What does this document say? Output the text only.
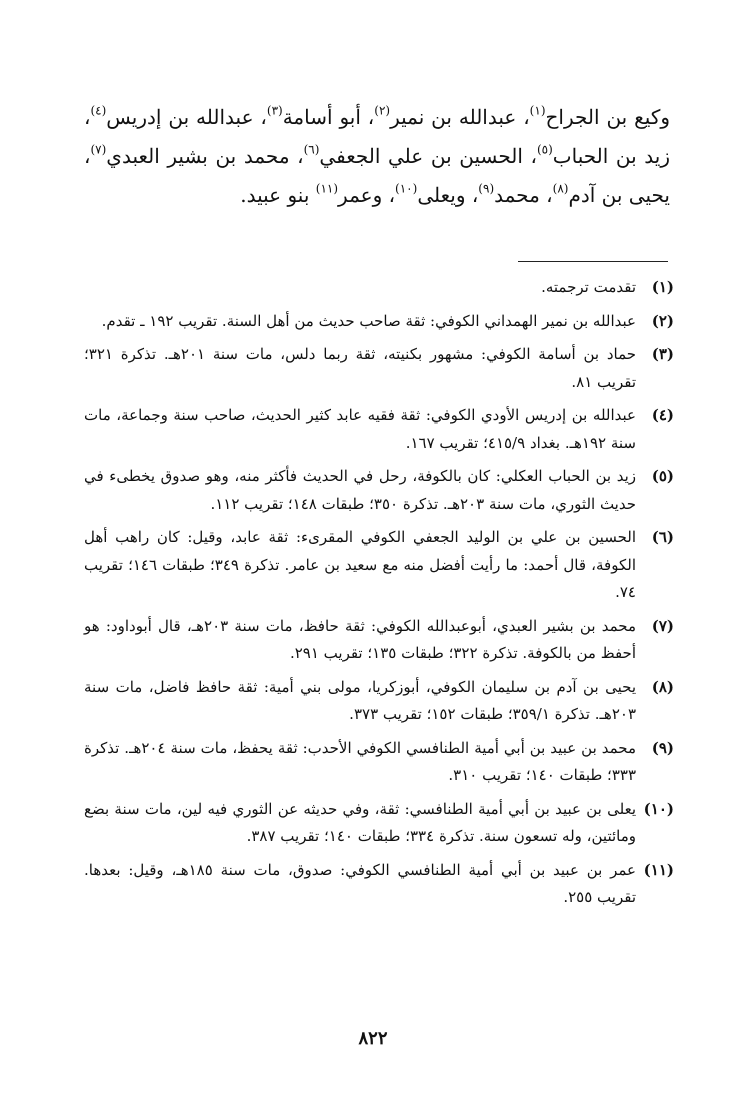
وكيع بن الجراح$^{(١)}$، عبدالله بن نمير$^{(٢)}$، أبو أسامة$^{(٣)}$، عبدالله بن إدريس$^{(٤)}$، زيد بن الحباب$^{(٥)}$، الحسين بن علي الجعفي$^{(٦)}$، محمد بن بشير العبدي$^{(٧)}$، يحيى بن آدم$^{(٨)}$، محمد$^{(٩)}$، ويعلى$^{(١٠)}$، وعمر$^{(١١)}$ بنو عبيد.
(١)
تقدمت ترجمته.
(٢)
عبدالله بن نمير الهمداني الكوفي: ثقة صاحب حديث من أهل السنة. تقريب ١٩٢ ـ تقدم.
(٣)
حماد بن أسامة الكوفي: مشهور بكنيته، ثقة ربما دلس، مات سنة ٢٠١هـ. تذكرة ٣٢١؛ تقريب ٨١.
(٤)
عبدالله بن إدريس الأودي الكوفي: ثقة فقيه عابد كثير الحديث، صاحب سنة وجماعة، مات سنة ١٩٢هـ. بغداد ٤١٥/٩؛ تقريب ١٦٧.
(٥)
زيد بن الحباب العكلي: كان بالكوفة، رحل في الحديث فأكثر منه، وهو صدوق يخطىء في حديث الثوري، مات سنة ٢٠٣هـ. تذكرة ٣٥٠؛ طبقات ١٤٨؛ تقريب ١١٢.
(٦)
الحسين بن علي بن الوليد الجعفي الكوفي المقرىء: ثقة عابد، وقيل: كان راهب أهل الكوفة، قال أحمد: ما رأيت أفضل منه مع سعيد بن عامر. تذكرة ٣٤٩؛ طبقات ١٤٦؛ تقريب ٧٤.
(٧)
محمد بن بشير العبدي، أبوعبدالله الكوفي: ثقة حافظ، مات سنة ٢٠٣هـ، قال أبوداود: هو أحفظ من بالكوفة. تذكرة ٣٢٢؛ طبقات ١٣٥؛ تقريب ٢٩١.
(٨)
يحيى بن آدم بن سليمان الكوفي، أبوزكريا، مولى بني أمية: ثقة حافظ فاضل، مات سنة ٢٠٣هـ. تذكرة ٣٥٩/١؛ طبقات ١٥٢؛ تقريب ٣٧٣.
(٩)
محمد بن عبيد بن أبي أمية الطنافسي الكوفي الأحدب: ثقة يحفظ، مات سنة ٢٠٤هـ. تذكرة ٣٣٣؛ طبقات ١٤٠؛ تقريب ٣١٠.
(١٠)
يعلى بن عبيد بن أبي أمية الطنافسي: ثقة، وفي حديثه عن الثوري فيه لين، مات سنة بضع ومائتين، وله تسعون سنة. تذكرة ٣٣٤؛ طبقات ١٤٠؛ تقريب ٣٨٧.
(١١)
عمر بن عبيد بن أبي أمية الطنافسي الكوفي: صدوق، مات سنة ١٨٥هـ، وقيل: بعدها. تقريب ٢٥٥.
٨٢٢
